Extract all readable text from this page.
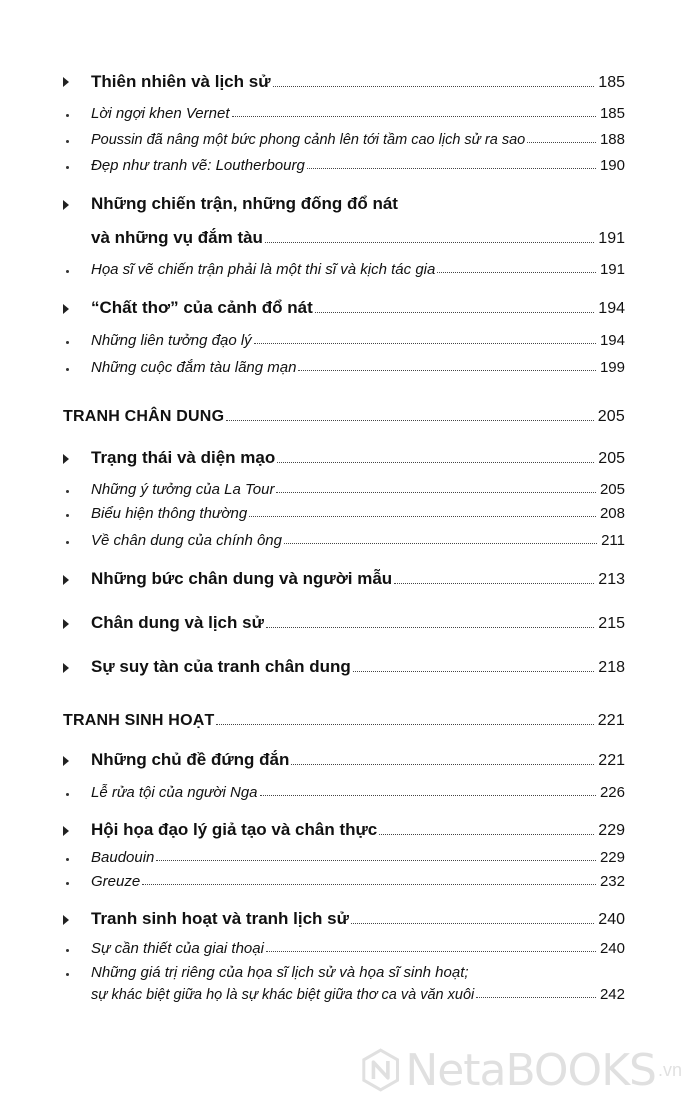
Thiên nhiên và lịch sử	185
Lời ngợi khen Vernet	185
Poussin đã nâng một bức phong cảnh lên tới tầm cao lịch sử ra sao	188
Đẹp như tranh vẽ: Loutherbourg	190
Những chiến trận, những đống đổ nát
và những vụ đắm tàu	191
Họa sĩ vẽ chiến trận phải là một thi sĩ và kịch tác gia	191
“Chất thơ” của cảnh đổ nát	194
Những liên tưởng đạo lý	194
Những cuộc đắm tàu lãng mạn	199
TRANH CHÂN DUNG	205
Trạng thái và diện mạo	205
Những ý tưởng của La Tour	205
Biểu hiện thông thường	208
Về chân dung của chính ông	211
Những bức chân dung và người mẫu	213
Chân dung và lịch sử	215
Sự suy tàn của tranh chân dung	218
TRANH SINH HOẠT	221
Những chủ đề đứng đắn	221
Lễ rửa tội của người Nga	226
Hội họa đạo lý giả tạo và chân thực	229
Baudouin	229
Greuze	232
Tranh sinh hoạt và tranh lịch sử	240
Sự cần thiết của giai thoại	240
Những giá trị riêng của họa sĩ lịch sử và họa sĩ sinh hoạt;
sự khác biệt giữa họ là sự khác biệt giữa thơ ca và văn xuôi	242
NetaBOOKS .vn
